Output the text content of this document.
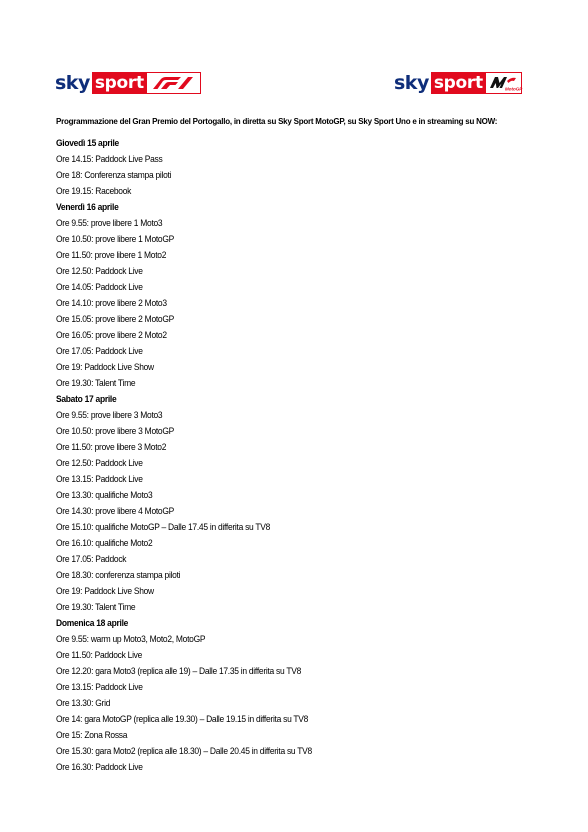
sky sport	sky sport	MotoGP
Programmazione del Gran Premio del Portogallo, in diretta su Sky Sport MotoGP, su Sky Sport Uno e in streaming su NOW:
Giovedì 15 aprile
Ore 14.15: Paddock Live Pass
Ore 18: Conferenza stampa piloti
Ore 19.15: Racebook
Venerdì 16 aprile
Ore 9.55: prove libere 1 Moto3
Ore 10.50: prove libere 1 MotoGP
Ore 11.50: prove libere 1 Moto2
Ore 12.50: Paddock Live
Ore 14.05: Paddock Live
Ore 14.10: prove libere 2 Moto3
Ore 15.05: prove libere 2 MotoGP
Ore 16.05: prove libere 2 Moto2
Ore 17.05: Paddock Live
Ore 19: Paddock Live Show
Ore 19.30: Talent Time
Sabato 17 aprile
Ore 9.55: prove libere 3 Moto3
Ore 10.50: prove libere 3 MotoGP
Ore 11.50: prove libere 3 Moto2
Ore 12.50: Paddock Live
Ore 13.15: Paddock Live
Ore 13.30: qualifiche Moto3
Ore 14.30: prove libere 4 MotoGP
Ore 15.10: qualifiche MotoGP – Dalle 17.45 in differita su TV8
Ore 16.10: qualifiche Moto2
Ore 17.05: Paddock
Ore 18.30: conferenza stampa piloti
Ore 19: Paddock Live Show
Ore 19.30: Talent Time
Domenica 18 aprile
Ore 9.55: warm up Moto3, Moto2, MotoGP
Ore 11.50: Paddock Live
Ore 12.20: gara Moto3 (replica alle 19) – Dalle 17.35 in differita su TV8
Ore 13.15: Paddock Live
Ore 13.30: Grid
Ore 14: gara MotoGP (replica alle 19.30) – Dalle 19.15 in differita su TV8
Ore 15: Zona Rossa
Ore 15.30: gara Moto2 (replica alle 18.30) – Dalle 20.45 in differita su TV8
Ore 16.30: Paddock Live
